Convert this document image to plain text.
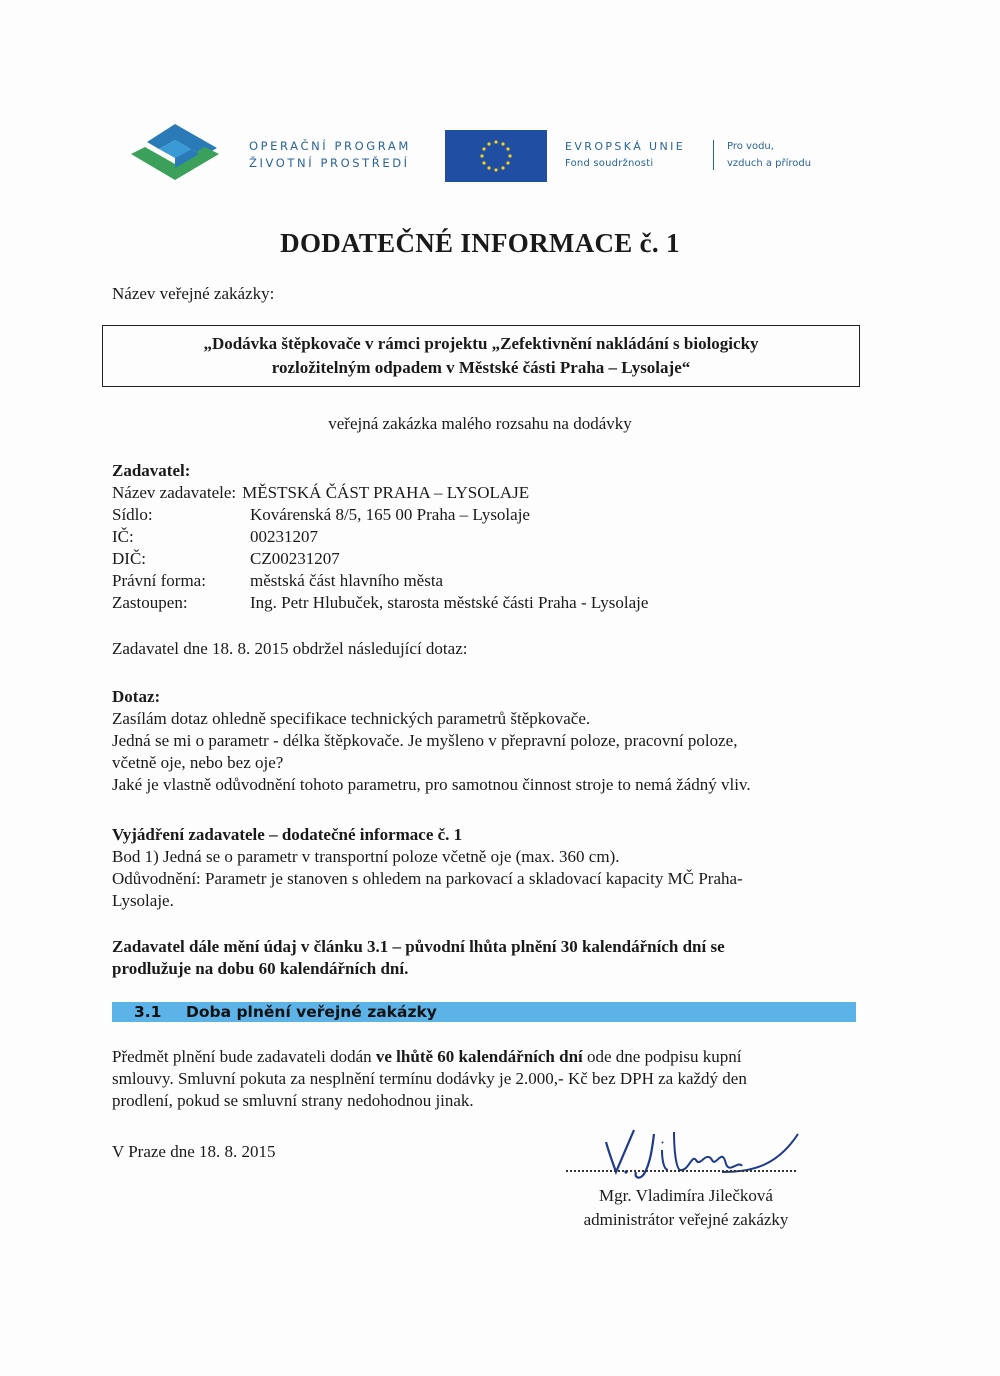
OPERAČNÍ PROGRAM
ŽIVOTNÍ PROSTŘEDÍ
EVROPSKÁ UNIE
Fond soudržnosti
Pro vodu,
vzduch a přírodu
DODATEČNÉ INFORMACE č. 1
Název veřejné zakázky:
„Dodávka štěpkovače v rámci projektu „Zefektivnění nakládání s biologicky
rozložitelným odpadem v Městské části Praha – Lysolaje“
veřejná zakázka malého rozsahu na dodávky
Zadavatel:
Název zadavatele: MĚSTSKÁ ČÁST PRAHA – LYSOLAJE
Sídlo:	Kovárenská 8/5, 165 00 Praha – Lysolaje
IČ:	00231207
DIČ:	CZ00231207
Právní forma:	městská část hlavního města
Zastoupen:	Ing. Petr Hlubuček, starosta městské části Praha - Lysolaje
Zadavatel dne 18. 8. 2015 obdržel následující dotaz:
Dotaz:
Zasílám dotaz ohledně specifikace technických parametrů štěpkovače.
Jedná se mi o parametr - délka štěpkovače. Je myšleno v přepravní poloze, pracovní poloze,
včetně oje, nebo bez oje?
Jaké je vlastně odůvodnění tohoto parametru, pro samotnou činnost stroje to nemá žádný vliv.
Vyjádření zadavatele – dodatečné informace č. 1
Bod 1) Jedná se o parametr v transportní poloze včetně oje (max. 360 cm).
Odůvodnění: Parametr je stanoven s ohledem na parkovací a skladovací kapacity MČ Praha-
Lysolaje.
Zadavatel dále mění údaj v článku 3.1 – původní lhůta plnění 30 kalendářních dní se
prodlužuje na dobu 60 kalendářních dní.
3.1 Doba plnění veřejné zakázky
Předmět plnění bude zadavateli dodán ve lhůtě 60 kalendářních dní ode dne podpisu kupní
smlouvy. Smluvní pokuta za nesplnění termínu dodávky je 2.000,- Kč bez DPH za každý den
prodlení, pokud se smluvní strany nedohodnou jinak.
V Praze dne 18. 8. 2015
Mgr. Vladimíra Jilečková
administrátor veřejné zakázky
